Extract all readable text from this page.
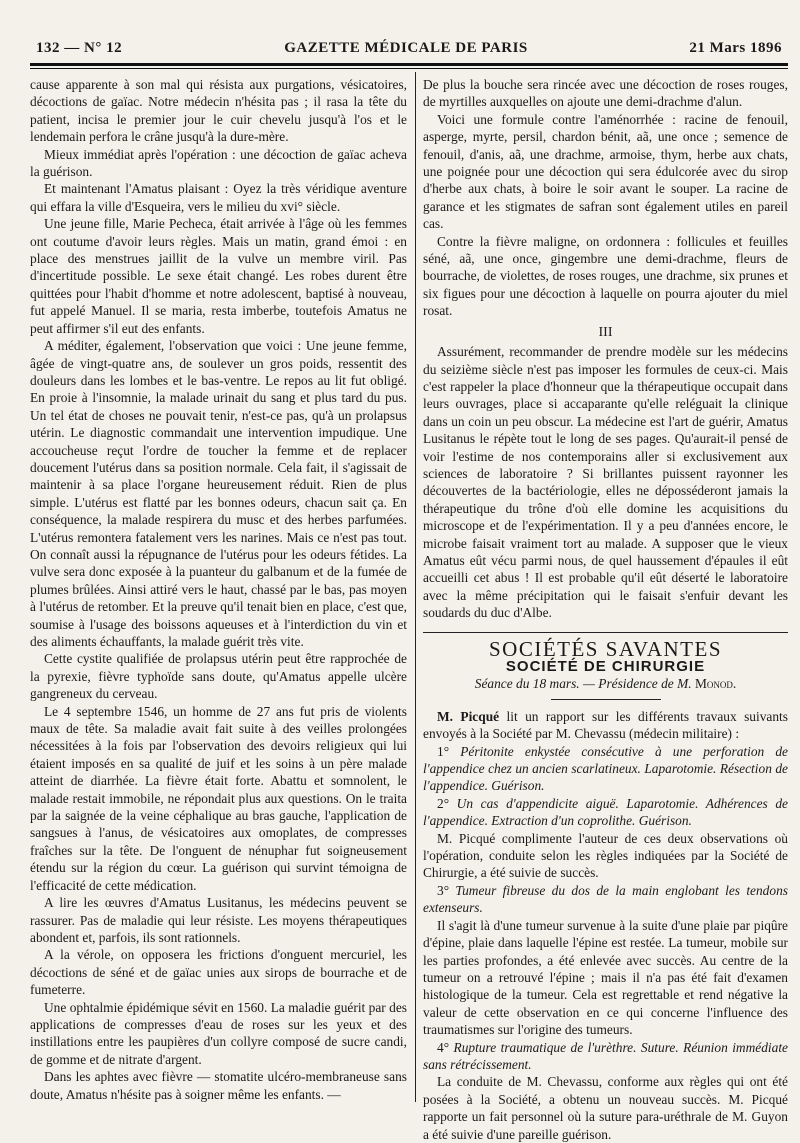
132 — N° 12	GAZETTE MÉDICALE DE PARIS	21 Mars 1896

cause apparente à son mal qui résista aux purgations, vésicatoires, décoctions de gaïac. Notre médecin n'hésita pas ; il rasa la tête du patient, incisa le premier jour le cuir chevelu jusqu'à l'os et le lendemain perfora le crâne jusqu'à la dure-mère.

Mieux immédiat après l'opération : une décoction de gaïac acheva la guérison.

Et maintenant l'Amatus plaisant : Oyez la très véridique aventure qui effara la ville d'Esqueira, vers le milieu du xvi° siècle.

Une jeune fille, Marie Pecheca, était arrivée à l'âge où les femmes ont coutume d'avoir leurs règles. Mais un matin, grand émoi : en place des menstrues jaillit de la vulve un membre viril. Pas d'incertitude possible. Le sexe était changé. Les robes durent être quittées pour l'habit d'homme et notre adolescent, baptisé à nouveau, fut appelé Manuel. Il se maria, resta imberbe, toutefois Amatus ne peut affirmer s'il eut des enfants.

A méditer, également, l'observation que voici : Une jeune femme, âgée de vingt-quatre ans, de soulever un gros poids, ressentit des douleurs dans les lombes et le bas-ventre. Le repos au lit fut obligé. En proie à l'insomnie, la malade urinait du sang et plus tard du pus. Un tel état de choses ne pouvait tenir, n'est-ce pas, qu'à un prolapsus utérin. Le diagnostic commandait une intervention impudique. Une accoucheuse reçut l'ordre de toucher la femme et de replacer doucement l'utérus dans sa position normale. Cela fait, il s'agissait de maintenir à sa place l'organe heureusement réduit. Rien de plus simple. L'utérus est flatté par les bonnes odeurs, chacun sait ça. En conséquence, la malade respirera du musc et des herbes parfumées. L'utérus remontera fatalement vers les narines. Mais ce n'est pas tout. On connaît aussi la répugnance de l'utérus pour les odeurs fétides. La vulve sera donc exposée à la puanteur du galbanum et de la fumée de plumes brûlées. Ainsi attiré vers le haut, chassé par le bas, pas moyen à l'utérus de retomber. Et la preuve qu'il tenait bien en place, c'est que, soumise à l'usage des boissons aqueuses et à l'interdiction du vin et des aliments échauffants, la malade guérit très vite.

Cette cystite qualifiée de prolapsus utérin peut être rapprochée de la pyrexie, fièvre typhoïde sans doute, qu'Amatus appelle ulcère gangreneux du cerveau.

Le 4 septembre 1546, un homme de 27 ans fut pris de violents maux de tête. Sa maladie avait fait suite à des veilles prolongées nécessitées à la fois par l'observation des devoirs religieux qui lui étaient imposés en sa qualité de juif et les soins à un père malade atteint de diarrhée. La fièvre était forte. Abattu et somnolent, le malade restait immobile, ne répondait plus aux questions. On le traita par la saignée de la veine céphalique au bras gauche, l'application de sangsues à l'anus, de vésicatoires aux omoplates, de compresses fraîches sur la tête. De l'onguent de nénuphar fut soigneusement étendu sur la région du cœur. La guérison qui survint témoigna de l'efficacité de cette médication.

A lire les œuvres d'Amatus Lusitanus, les médecins peuvent se rassurer. Pas de maladie qui leur résiste. Les moyens thérapeutiques abondent et, parfois, ils sont rationnels.

A la vérole, on opposera les frictions d'onguent mercuriel, les décoctions de séné et de gaïac unies aux sirops de bourrache et de fumeterre.

Une ophtalmie épidémique sévit en 1560. La maladie guérit par des applications de compresses d'eau de roses sur les yeux et des instillations entre les paupières d'un collyre composé de sucre candi, de gomme et de nitrate d'argent.

Dans les aphtes avec fièvre — stomatite ulcéro-membraneuse sans doute, Amatus n'hésite pas à soigner même les enfants. —

De plus la bouche sera rincée avec une décoction de roses rouges, de myrtilles auxquelles on ajoute une demi-drachme d'alun.

Voici une formule contre l'aménorrhée : racine de fenouil, asperge, myrte, persil, chardon bénit, aã, une once ; semence de fenouil, d'anis, aã, une drachme, armoise, thym, herbe aux chats, une poignée pour une décoction qui sera édulcorée avec du sirop d'herbe aux chats, à boire le soir avant le souper. La racine de garance et les stigmates de safran sont également utiles en pareil cas.

Contre la fièvre maligne, on ordonnera : follicules et feuilles séné, aã, une once, gingembre une demi-drachme, fleurs de bourrache, de violettes, de roses rouges, une drachme, six prunes et six figues pour une décoction à laquelle on pourra ajouter du miel rosat.

III

Assurément, recommander de prendre modèle sur les médecins du seizième siècle n'est pas imposer les formules de ceux-ci. Mais c'est rappeler la place d'honneur que la thérapeutique occupait dans leurs ouvrages, place si accaparante qu'elle reléguait la clinique dans un coin un peu obscur. La médecine est l'art de guérir, Amatus Lusitanus le répète tout le long de ses pages. Qu'aurait-il pensé de voir l'estime de nos contemporains aller si exclusivement aux sciences de laboratoire ? Si brillantes puissent rayonner les découvertes de la bactériologie, elles ne déposséderont jamais la thérapeutique du trône d'où elle domine les acquisitions du microscope et de l'expérimentation. Il y a peu d'années encore, le microbe faisait vraiment tort au malade. A supposer que le vieux Amatus eût vécu parmi nous, de quel haussement d'épaules il eût accueilli cet abus ! Il est probable qu'il eût déserté le laboratoire avec la même précipitation qui le faisait s'enfuir devant les soudards du duc d'Albe.

SOCIÉTÉS SAVANTES

SOCIÉTÉ DE CHIRURGIE

Séance du 18 mars. — Présidence de M. Monod.

M. Picqué lit un rapport sur les différents travaux suivants envoyés à la Société par M. Chevassu (médecin militaire) :

1° Péritonite enkystée consécutive à une perforation de l'appendice chez un ancien scarlatineux. Laparotomie. Résection de l'appendice. Guérison.

2° Un cas d'appendicite aiguë. Laparotomie. Adhérences de l'appendice. Extraction d'un coprolithe. Guérison.

M. Picqué complimente l'auteur de ces deux observations où l'opération, conduite selon les règles indiquées par la Société de Chirurgie, a été suivie de succès.

3° Tumeur fibreuse du dos de la main englobant les tendons extenseurs.

Il s'agit là d'une tumeur survenue à la suite d'une plaie par piqûre d'épine, plaie dans laquelle l'épine est restée. La tumeur, mobile sur les parties profondes, a été enlevée avec succès. Au centre de la tumeur on a retrouvé l'épine ; mais il n'a pas été fait d'examen histologique de la tumeur. Cela est regrettable et rend négative la valeur de cette observation en ce qui concerne l'influence des traumatismes sur l'origine des tumeurs.

4° Rupture traumatique de l'urèthre. Suture. Réunion immédiate sans rétrécissement.

La conduite de M. Chevassu, conforme aux règles qui ont été posées à la Société, a obtenu un nouveau succès. M. Picqué rapporte un fait personnel où la suture para-uréthrale de M. Guyon a été suivie d'une pareille guérison.
